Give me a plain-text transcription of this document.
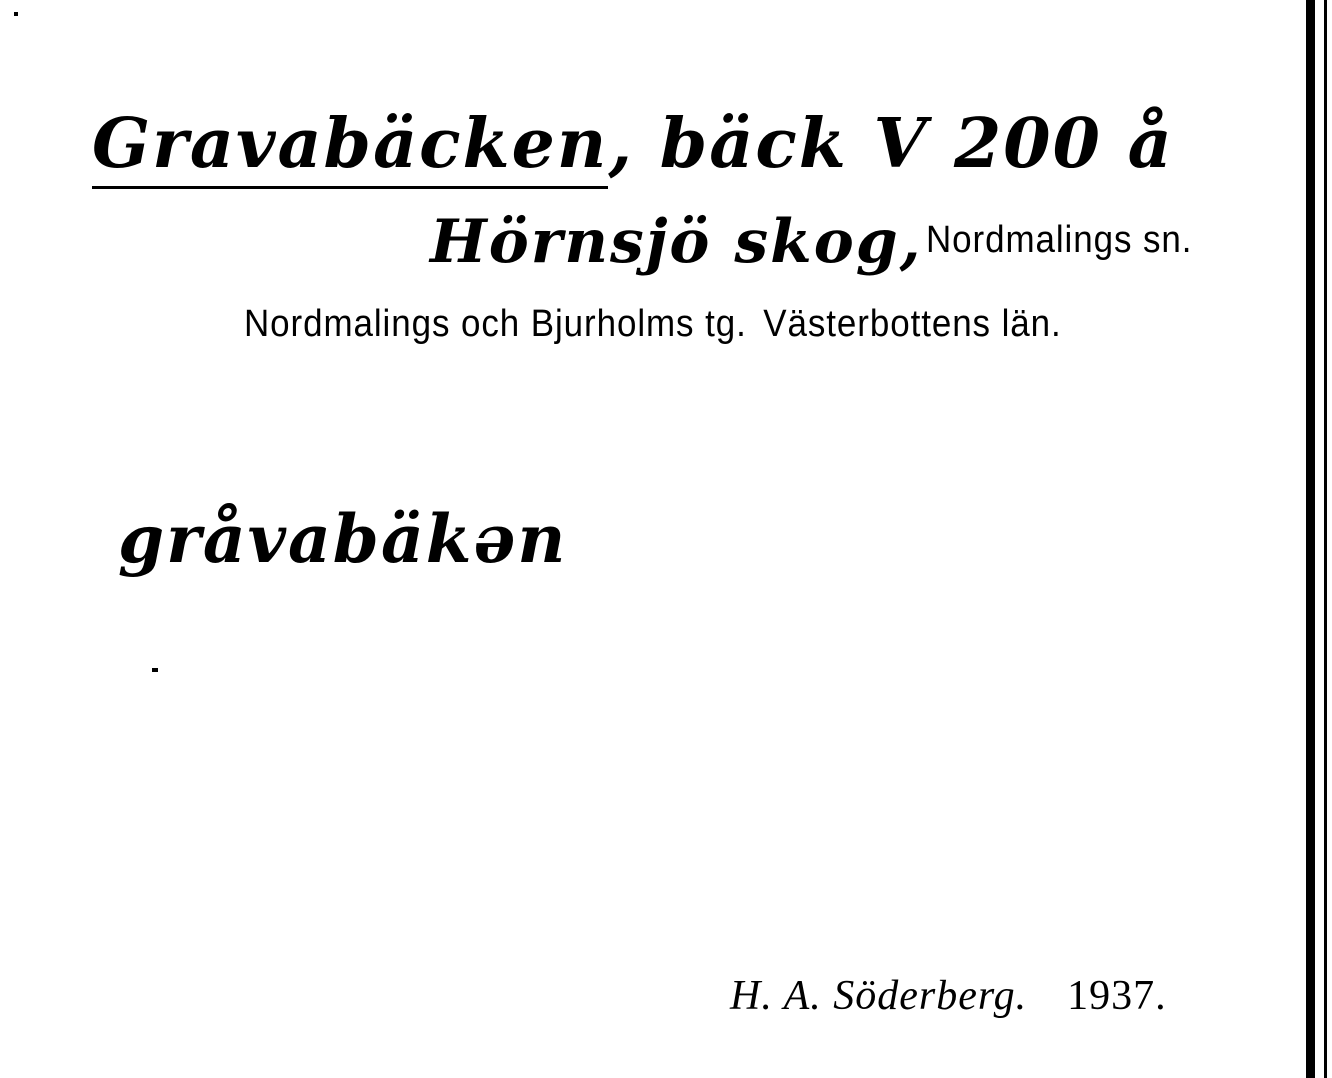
Gravabäcken, bäck V 200 å
Hörnsjö skog, Nordmalings sn.
Nordmalings och Bjurholms tg. Västerbottens län.
gråvabäkən
H. A. Söderberg. 1937.
